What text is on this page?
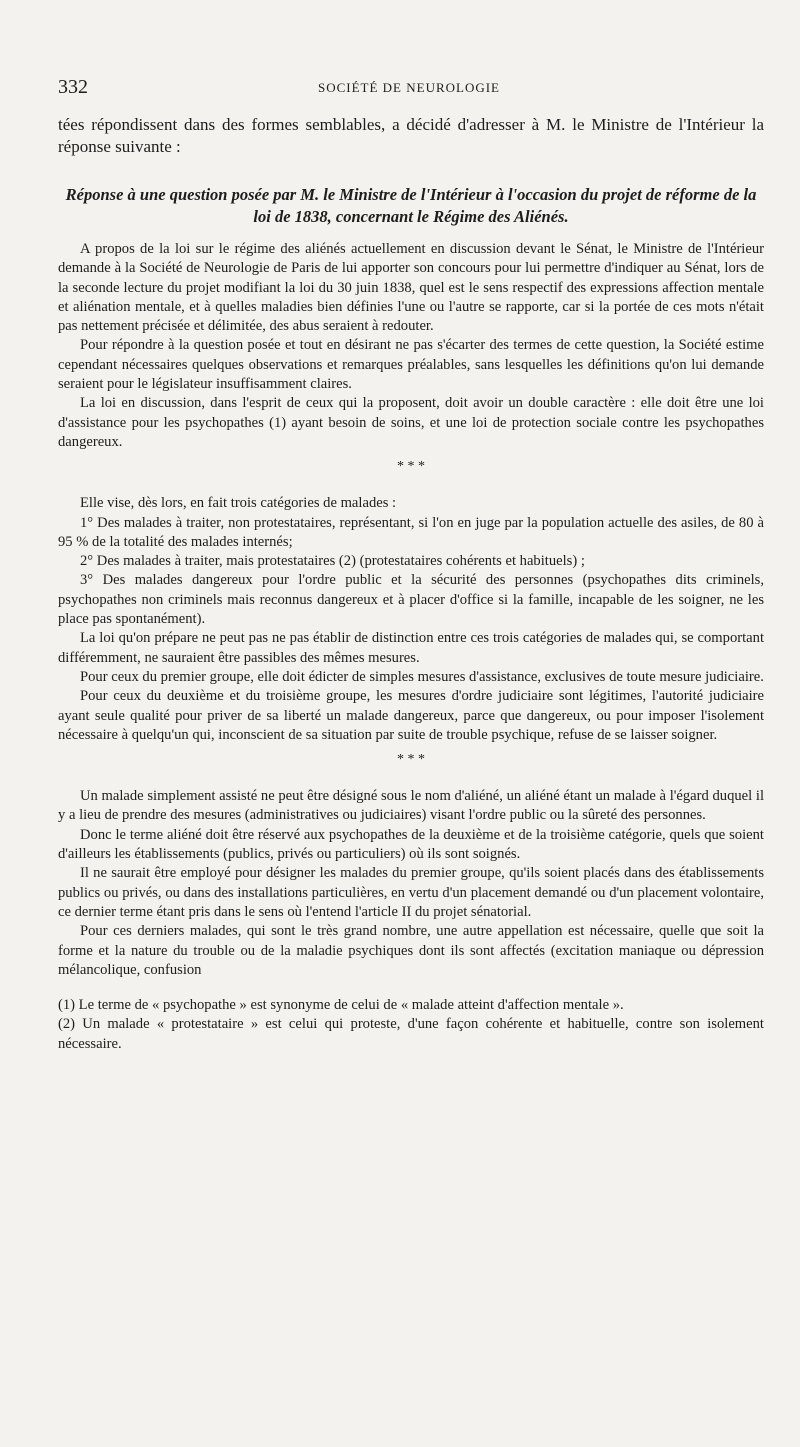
332	SOCIÉTÉ DE NEUROLOGIE

tées répondissent dans des formes semblables, a décidé d'adresser à M. le Ministre de l'Intérieur la réponse suivante :

Réponse à une question posée par M. le Ministre de l'Intérieur à l'occasion du projet de réforme de la loi de 1838, concernant le Régime des Aliénés.

A propos de la loi sur le régime des aliénés actuellement en discussion devant le Sénat, le Ministre de l'Intérieur demande à la Société de Neurologie de Paris de lui apporter son concours pour lui permettre d'indiquer au Sénat, lors de la seconde lecture du projet modifiant la loi du 30 juin 1838, quel est le sens respectif des expressions affection mentale et aliénation mentale, et à quelles maladies bien définies l'une ou l'autre se rapporte, car si la portée de ces mots n'était pas nettement précisée et délimitée, des abus seraient à redouter.

Pour répondre à la question posée et tout en désirant ne pas s'écarter des termes de cette question, la Société estime cependant nécessaires quelques observations et remarques préalables, sans lesquelles les définitions qu'on lui demande seraient pour le législateur insuffisamment claires.

La loi en discussion, dans l'esprit de ceux qui la proposent, doit avoir un double caractère : elle doit être une loi d'assistance pour les psychopathes (1) ayant besoin de soins, et une loi de protection sociale contre les psychopathes dangereux.

* * *

Elle vise, dès lors, en fait trois catégories de malades :

1° Des malades à traiter, non protestataires, représentant, si l'on en juge par la population actuelle des asiles, de 80 à 95 % de la totalité des malades internés;

2° Des malades à traiter, mais protestataires (2) (protestataires cohérents et habituels) ;

3° Des malades dangereux pour l'ordre public et la sécurité des personnes (psychopathes dits criminels, psychopathes non criminels mais reconnus dangereux et à placer d'office si la famille, incapable de les soigner, ne les place pas spontanément).

La loi qu'on prépare ne peut pas ne pas établir de distinction entre ces trois catégories de malades qui, se comportant différemment, ne sauraient être passibles des mêmes mesures.

Pour ceux du premier groupe, elle doit édicter de simples mesures d'assistance, exclusives de toute mesure judiciaire.

Pour ceux du deuxième et du troisième groupe, les mesures d'ordre judiciaire sont légitimes, l'autorité judiciaire ayant seule qualité pour priver de sa liberté un malade dangereux, parce que dangereux, ou pour imposer l'isolement nécessaire à quelqu'un qui, inconscient de sa situation par suite de trouble psychique, refuse de se laisser soigner.

* * *

Un malade simplement assisté ne peut être désigné sous le nom d'aliéné, un aliéné étant un malade à l'égard duquel il y a lieu de prendre des mesures (administratives ou judiciaires) visant l'ordre public ou la sûreté des personnes.

Donc le terme aliéné doit être réservé aux psychopathes de la deuxième et de la troisième catégorie, quels que soient d'ailleurs les établissements (publics, privés ou particuliers) où ils sont soignés.

Il ne saurait être employé pour désigner les malades du premier groupe, qu'ils soient placés dans des établissements publics ou privés, ou dans des installations particulières, en vertu d'un placement demandé ou d'un placement volontaire, ce dernier terme étant pris dans le sens où l'entend l'article II du projet sénatorial.

Pour ces derniers malades, qui sont le très grand nombre, une autre appellation est nécessaire, quelle que soit la forme et la nature du trouble ou de la maladie psychiques dont ils sont affectés (excitation maniaque ou dépression mélancolique, confusion

(1) Le terme de « psychopathe » est synonyme de celui de « malade atteint d'affection mentale ».

(2) Un malade « protestataire » est celui qui proteste, d'une façon cohérente et habituelle, contre son isolement nécessaire.
